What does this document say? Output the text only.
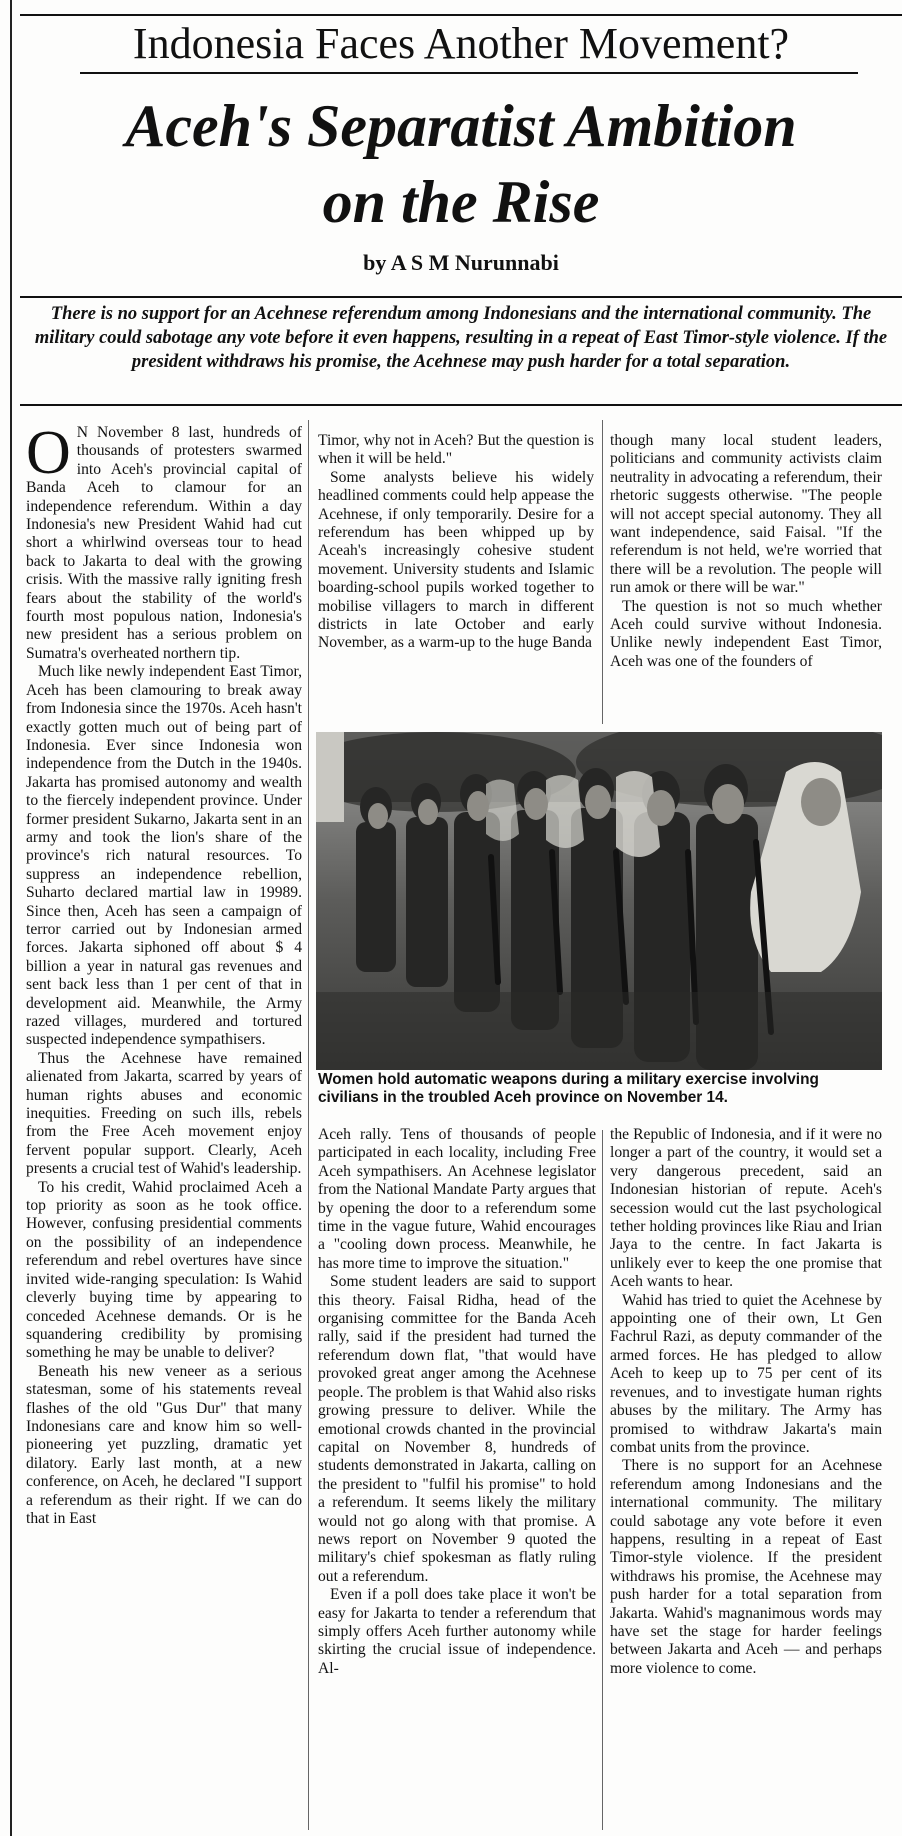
Indonesia Faces Another Movement?
Aceh's Separatist Ambition
on the Rise
by A S M Nurunnabi
There is no support for an Acehnese referendum among Indonesians and the international community. The military could sabotage any vote before it even happens, resulting in a repeat of East Timor-style violence. If the president withdraws his promise, the Acehnese may push harder for a total separation.

O N November 8 last, hundreds of thousands of protesters swarmed into Aceh's provincial capital of Banda Aceh to clamour for an independence referendum. Within a day Indonesia's new President Wahid had cut short a whirlwind overseas tour to head back to Jakarta to deal with the growing crisis. With the massive rally igniting fresh fears about the stability of the world's fourth most populous nation, Indonesia's new president has a serious problem on Sumatra's overheated northern tip.

Much like newly independent East Timor, Aceh has been clamouring to break away from Indonesia since the 1970s. Aceh hasn't exactly gotten much out of being part of Indonesia. Ever since Indonesia won independence from the Dutch in the 1940s. Jakarta has promised autonomy and wealth to the fiercely independent province. Under former president Sukarno, Jakarta sent in an army and took the lion's share of the province's rich natural resources. To suppress an independence rebellion, Suharto declared martial law in 19989. Since then, Aceh has seen a campaign of terror carried out by Indonesian armed forces. Jakarta siphoned off about $ 4 billion a year in natural gas revenues and sent back less than 1 per cent of that in development aid. Meanwhile, the Army razed villages, murdered and tortured suspected independence sympathisers.

Thus the Acehnese have remained alienated from Jakarta, scarred by years of human rights abuses and economic inequities. Freeding on such ills, rebels from the Free Aceh movement enjoy fervent popular support. Clearly, Aceh presents a crucial test of Wahid's leadership.

To his credit, Wahid proclaimed Aceh a top priority as soon as he took office. However, confusing presidential comments on the possibility of an independence referendum and rebel overtures have since invited wide-ranging speculation: Is Wahid cleverly buying time by appearing to conceded Acehnese demands. Or is he squandering credibility by promising something he may be unable to deliver?

Beneath his new veneer as a serious statesman, some of his statements reveal flashes of the old "Gus Dur" that many Indonesians care and know him so well-pioneering yet puzzling, dramatic yet dilatory. Early last month, at a new conference, on Aceh, he declared "I support a referendum as their right. If we can do that in East

Timor, why not in Aceh? But the question is when it will be held."

Some analysts believe his widely headlined comments could help appease the Acehnese, if only temporarily. Desire for a referendum has been whipped up by Aceah's increasingly cohesive student movement. University students and Islamic boarding-school pupils worked together to mobilise villagers to march in different districts in late October and early November, as a warm-up to the huge Banda

though many local student leaders, politicians and community activists claim neutrality in advocating a referendum, their rhetoric suggests otherwise. "The people will not accept special autonomy. They all want independence, said Faisal. "If the referendum is not held, we're worried that there will be a revolution. The people will run amok or there will be war."

The question is not so much whether Aceh could survive without Indonesia. Unlike newly independent East Timor, Aceh was one of the founders of

Women hold automatic weapons during a military exercise involving civilians in the troubled Aceh province on November 14.

Aceh rally. Tens of thousands of people participated in each locality, including Free Aceh sympathisers. An Acehnese legislator from the National Mandate Party argues that by opening the door to a referendum some time in the vague future, Wahid encourages a "cooling down process. Meanwhile, he has more time to improve the situation."

Some student leaders are said to support this theory. Faisal Ridha, head of the organising committee for the Banda Aceh rally, said if the president had turned the referendum down flat, "that would have provoked great anger among the Acehnese people. The problem is that Wahid also risks growing pressure to deliver. While the emotional crowds chanted in the provincial capital on November 8, hundreds of students demonstrated in Jakarta, calling on the president to "fulfil his promise" to hold a referendum. It seems likely the military would not go along with that promise. A news report on November 9 quoted the military's chief spokesman as flatly ruling out a referendum.

Even if a poll does take place it won't be easy for Jakarta to tender a referendum that simply offers Aceh further autonomy while skirting the crucial issue of independence. Al-

the Republic of Indonesia, and if it were no longer a part of the country, it would set a very dangerous precedent, said an Indonesian historian of repute. Aceh's secession would cut the last psychological tether holding provinces like Riau and Irian Jaya to the centre. In fact Jakarta is unlikely ever to keep the one promise that Aceh wants to hear.

Wahid has tried to quiet the Acehnese by appointing one of their own, Lt Gen Fachrul Razi, as deputy commander of the armed forces. He has pledged to allow Aceh to keep up to 75 per cent of its revenues, and to investigate human rights abuses by the military. The Army has promised to withdraw Jakarta's main combat units from the province.

There is no support for an Acehnese referendum among Indonesians and the international community. The military could sabotage any vote before it even happens, resulting in a repeat of East Timor-style violence. If the president withdraws his promise, the Acehnese may push harder for a total separation from Jakarta. Wahid's magnanimous words may have set the stage for harder feelings between Jakarta and Aceh — and perhaps more violence to come.
